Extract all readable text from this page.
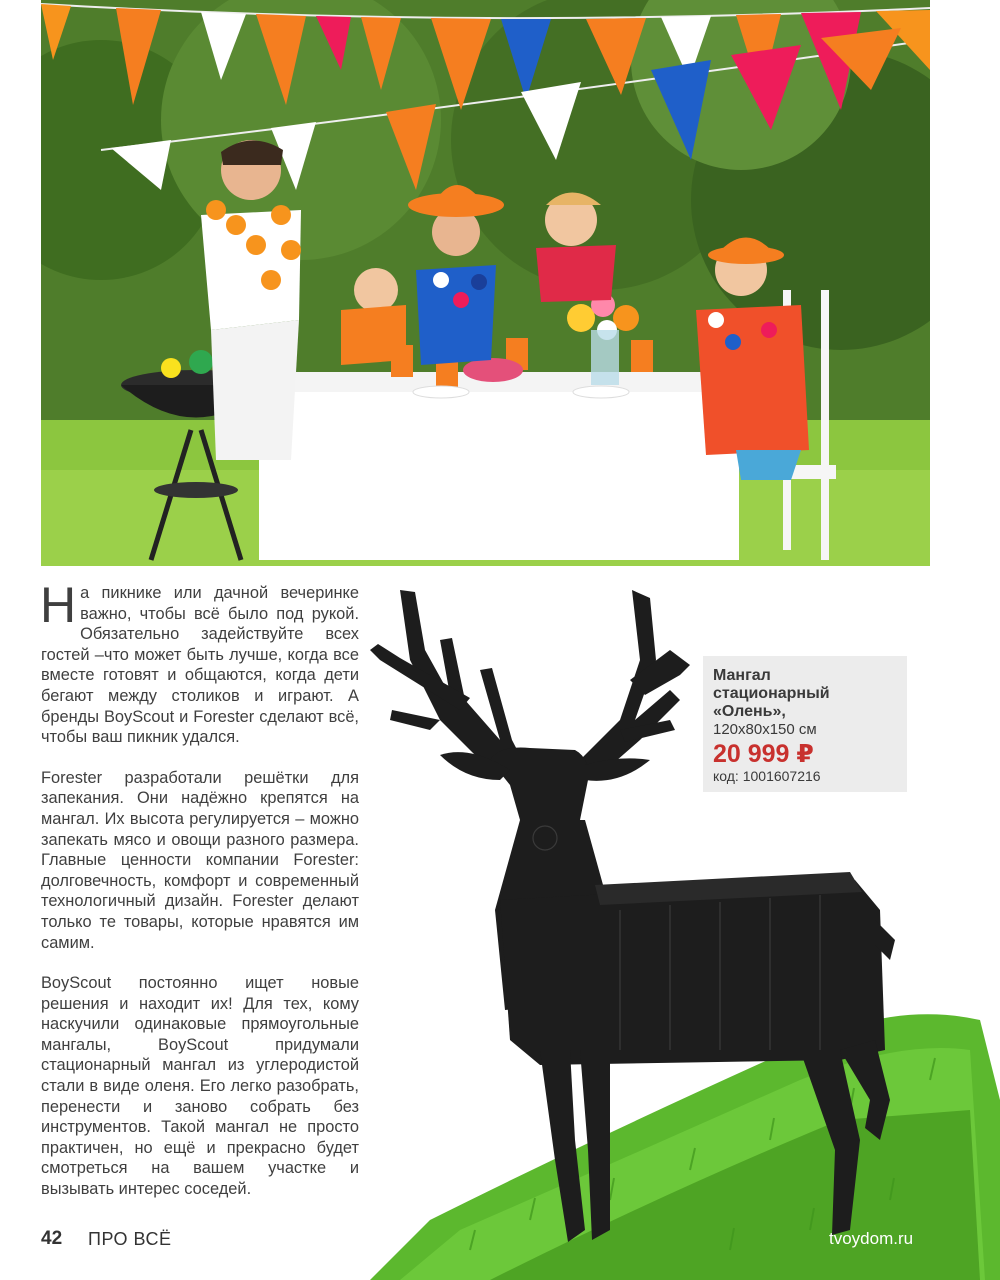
На пикнике или дачной вечеринке важно, чтобы всё было под рукой. Обязательно задействуйте всех гостей –что может быть лучше, когда все вместе готовят и общаются, когда дети бегают между столиков и играют. А бренды BoyScout и Forester сделают всё, чтобы ваш пикник удался.

Forester разработали решётки для запекания. Они надёжно крепятся на мангал. Их высота регулируется – можно запекать мясо и овощи разного размера. Главные ценности компании Forester: долговечность, комфорт и современный технологичный дизайн. Forester делают только те товары, которые нравятся им самим.

BoyScout постоянно ищет новые решения и находит их! Для тех, кому наскучили одинаковые прямоугольные мангалы, BoyScout придумали стационарный мангал из углеродистой стали в виде оленя. Его легко разобрать, перенести и заново собрать без инструментов. Такой мангал не просто практичен, но ещё и прекрасно будет смотреться на вашем участке и вызывать интерес соседей.

Мангал
стационарный
«Олень»,
120х80х150 см
20 999 ₽
код: 1001607216
42 ПРО ВСЁ	tvoydom.ru
